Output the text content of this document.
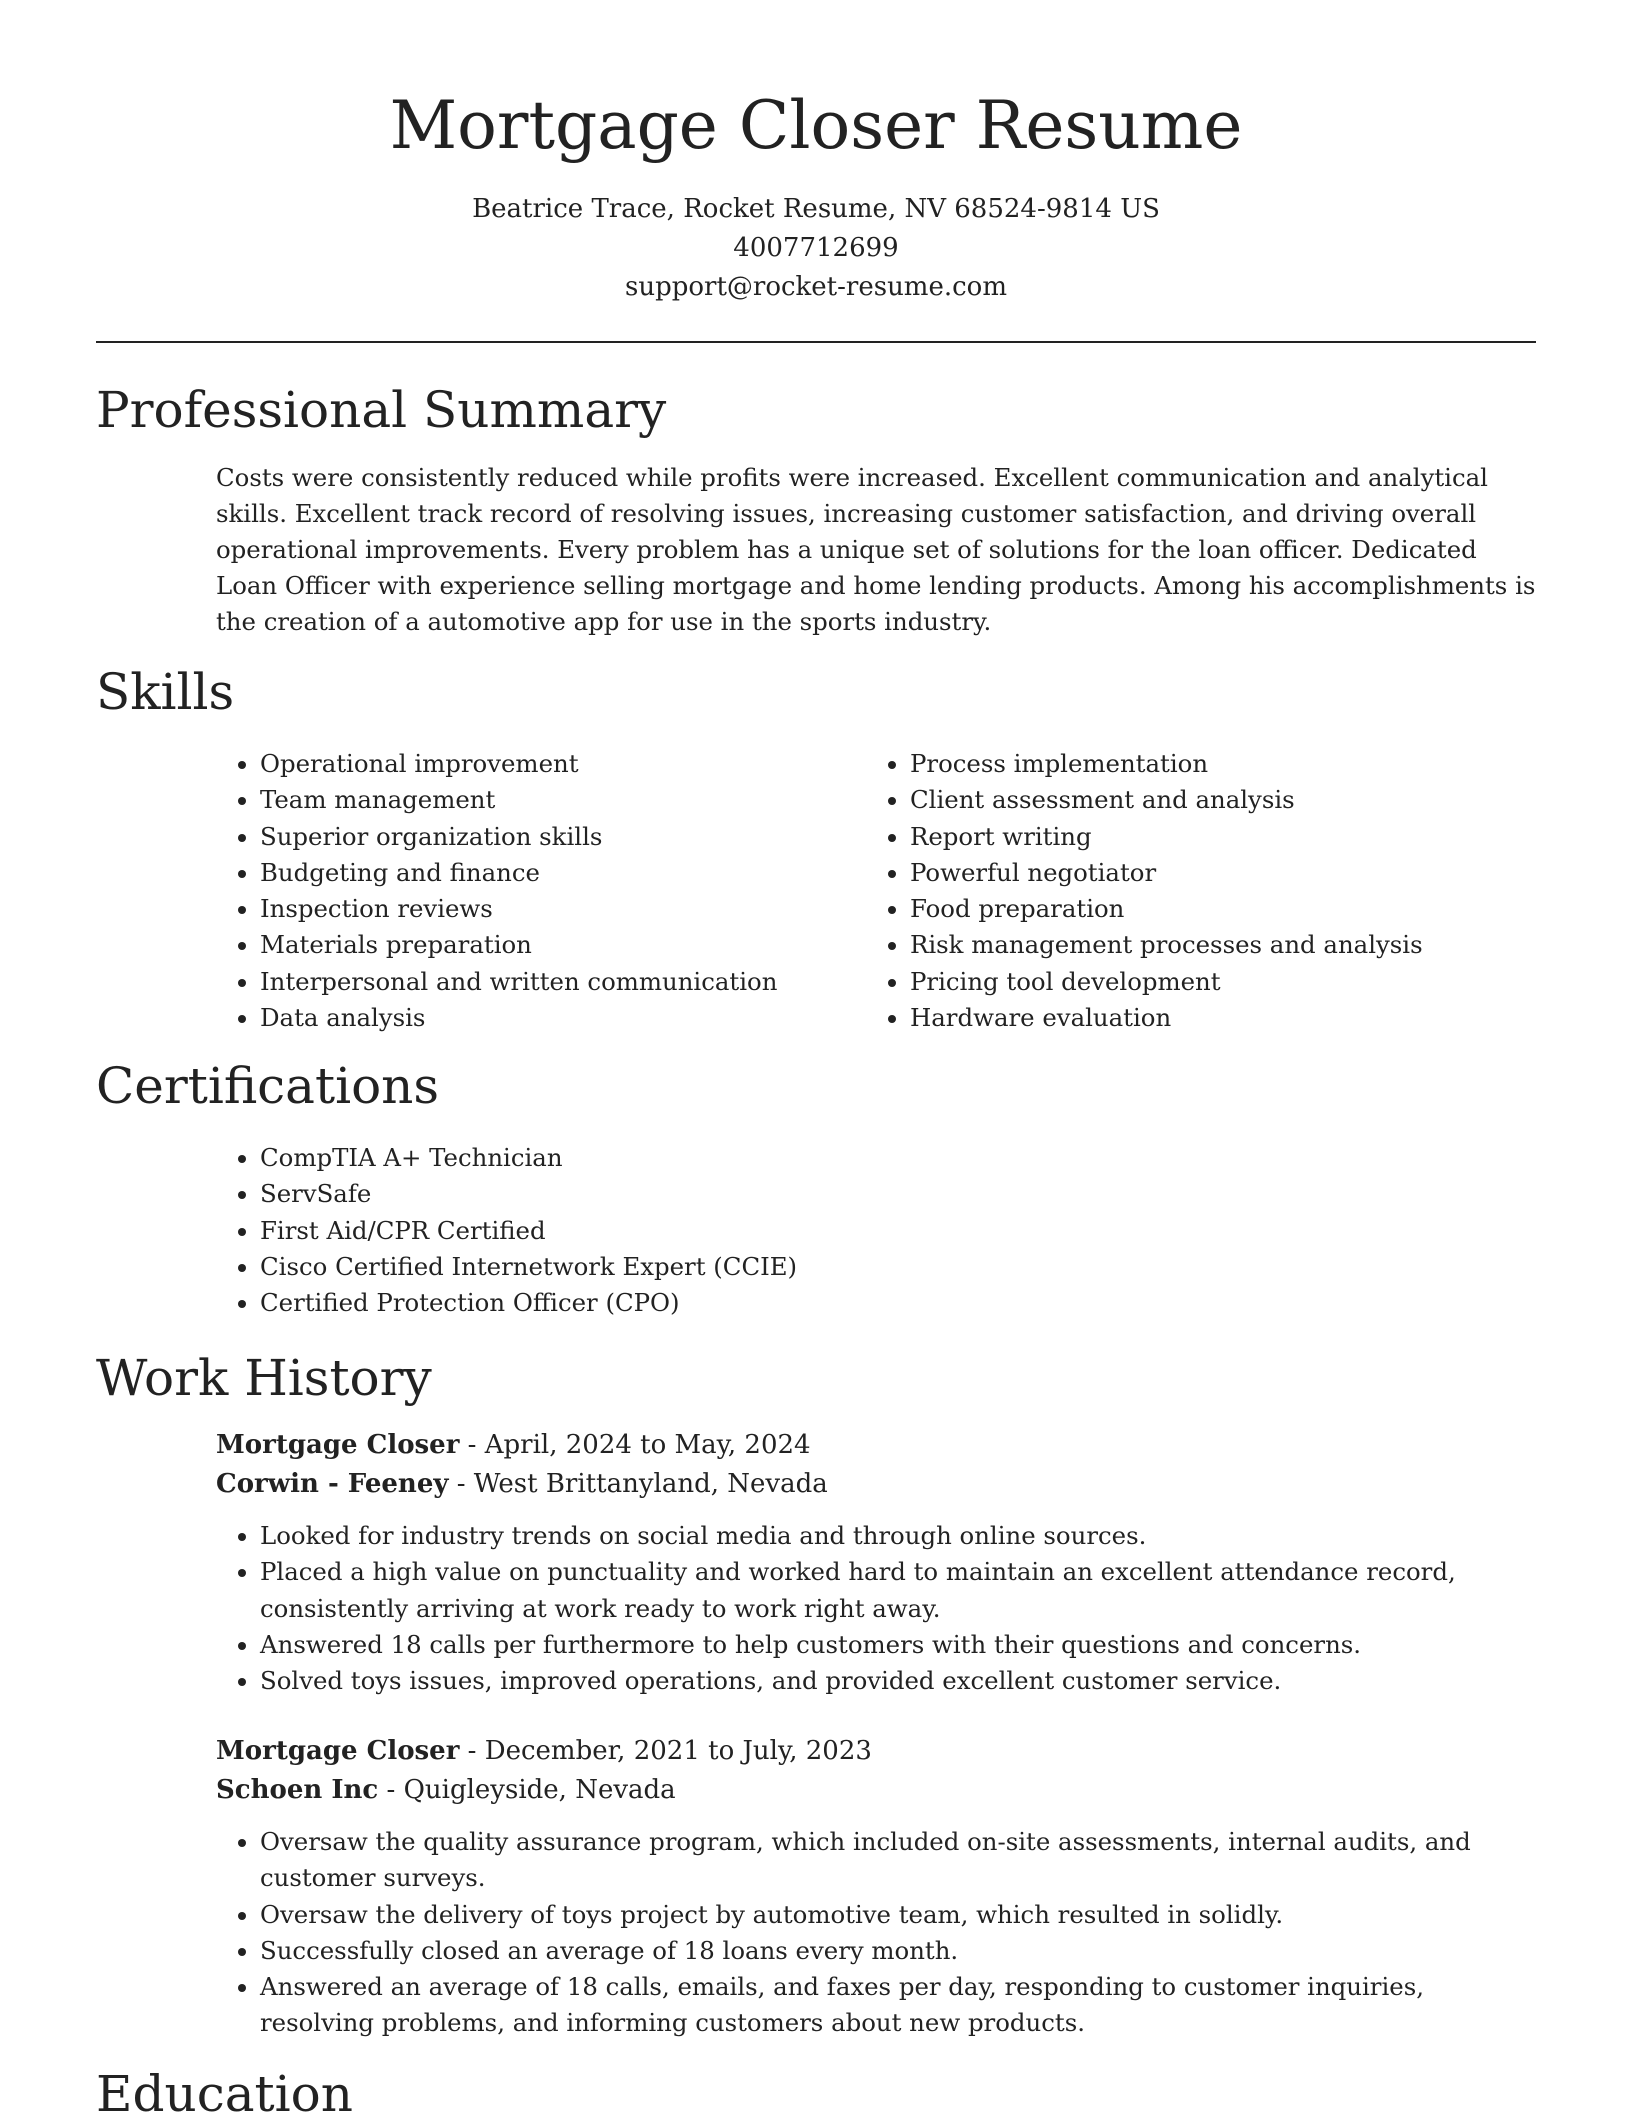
Mortgage Closer Resume
Beatrice Trace, Rocket Resume, NV 68524-9814 US
4007712699
support@rocket-resume.com
Professional Summary

Costs were consistently reduced while profits were increased. Excellent communication and analytical skills. Excellent track record of resolving issues, increasing customer satisfaction, and driving overall operational improvements. Every problem has a unique set of solutions for the loan officer. Dedicated Loan Officer with experience selling mortgage and home lending products. Among his accomplishments is the creation of a automotive app for use in the sports industry.

Skills
• Operational improvement
• Team management
• Superior organization skills
• Budgeting and finance
• Inspection reviews
• Materials preparation
• Interpersonal and written communication
• Data analysis
• Process implementation
• Client assessment and analysis
• Report writing
• Powerful negotiator
• Food preparation
• Risk management processes and analysis
• Pricing tool development
• Hardware evaluation
Certifications
• CompTIA A+ Technician
• ServSafe
• First Aid/CPR Certified
• Cisco Certified Internetwork Expert (CCIE)
• Certified Protection Officer (CPO)
Work History
Mortgage Closer - April, 2024 to May, 2024
Corwin - Feeney - West Brittanyland, Nevada
• Looked for industry trends on social media and through online sources.
• Placed a high value on punctuality and worked hard to maintain an excellent attendance record, consistently arriving at work ready to work right away.
• Answered 18 calls per furthermore to help customers with their questions and concerns.
• Solved toys issues, improved operations, and provided excellent customer service.
Mortgage Closer - December, 2021 to July, 2023
Schoen Inc - Quigleyside, Nevada
• Oversaw the quality assurance program, which included on-site assessments, internal audits, and customer surveys.
• Oversaw the delivery of toys project by automotive team, which resulted in solidly.
• Successfully closed an average of 18 loans every month.
• Answered an average of 18 calls, emails, and faxes per day, responding to customer inquiries, resolving problems, and informing customers about new products.
Education
